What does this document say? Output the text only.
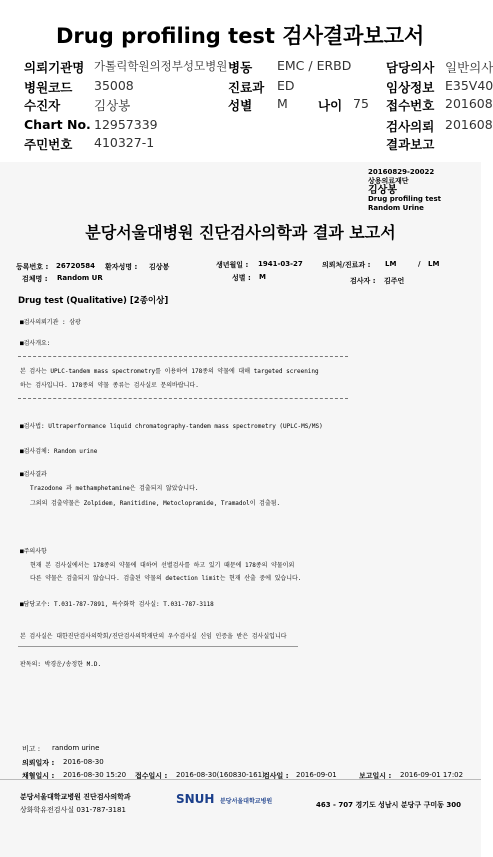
Drug profiling test 검사결과보고서
의뢰기관명 가톨릭학원의정부성모병원 병동 EMC / ERBD	담당의사 일반의사
병원코드 35008	진료과 ED	임상정보 E35V40
수진자	김상봉	성별 M 나이 75 접수번호 201608
Chart No. 12957339	검사의뢰 201608
주민번호 410327-1	결과보고
20160829-20022
상용의료재단
김상봉
Drug profiling test
Random Urine
분당서울대병원 진단검사의학과 결과 보고서
등록번호 : 26720584 환자성명 : 김상봉	생년월일 : 1941-03-27	의뢰처/진료과 : LM	/ LM
검체명 : Random UR	성별 : M	검사자 : 김주언
Drug test (Qualitative) [2종이상]
■검사의뢰기관 : 삼광
■검사개요:
본 검사는 UPLC-tandem mass spectrometry를 이용하여 178종의 약물에 대해 targeted screening
하는 검사입니다. 178종의 약물 종류는 검사실로 문의바랍니다.
■검사법: Ultraperformance liquid chromatography-tandem mass spectrometry (UPLC-MS/MS)
■검사검체: Random urine
■검사결과
Trazodone 과 methamphetamine은 검출되지 않았습니다.
그외의 검출약물은 Zolpidem, Ranitidine, Metoclopramide, Tramadol이 검출됨.
■주의사항
현재 본 검사실에서는 178종의 약물에 대하여 선별검사를 하고 있기 때문에 178종의 약물이외
다른 약물은 검출되지 않습니다. 검출된 약물의 detection limit는 현재 산출 중에 있습니다.
■담당교수: T.031-787-7891, 특수화학 검사실: T.031-787-3118
본 검사실은 대한진단검사의학회/진단검사의학재단의 우수검사실 신임 인증을 받은 검사실입니다
판독의: 박경운/송정한 M.D.
비고 : random urine
의뢰일자 : 2016-08-30
채혈일시 : 2016-08-30 15:20 접수일시 : 2016-08-30(160830-161)
검사일 : 2016-09-01	보고일시 : 2016-09-01 17:02
분당서울대학교병원 진단검사의학과
상화학유전검사실 031-787-3181
SNUH 분당서울대학교병원	463 - 707 경기도 성남시 분당구 구미동 300
